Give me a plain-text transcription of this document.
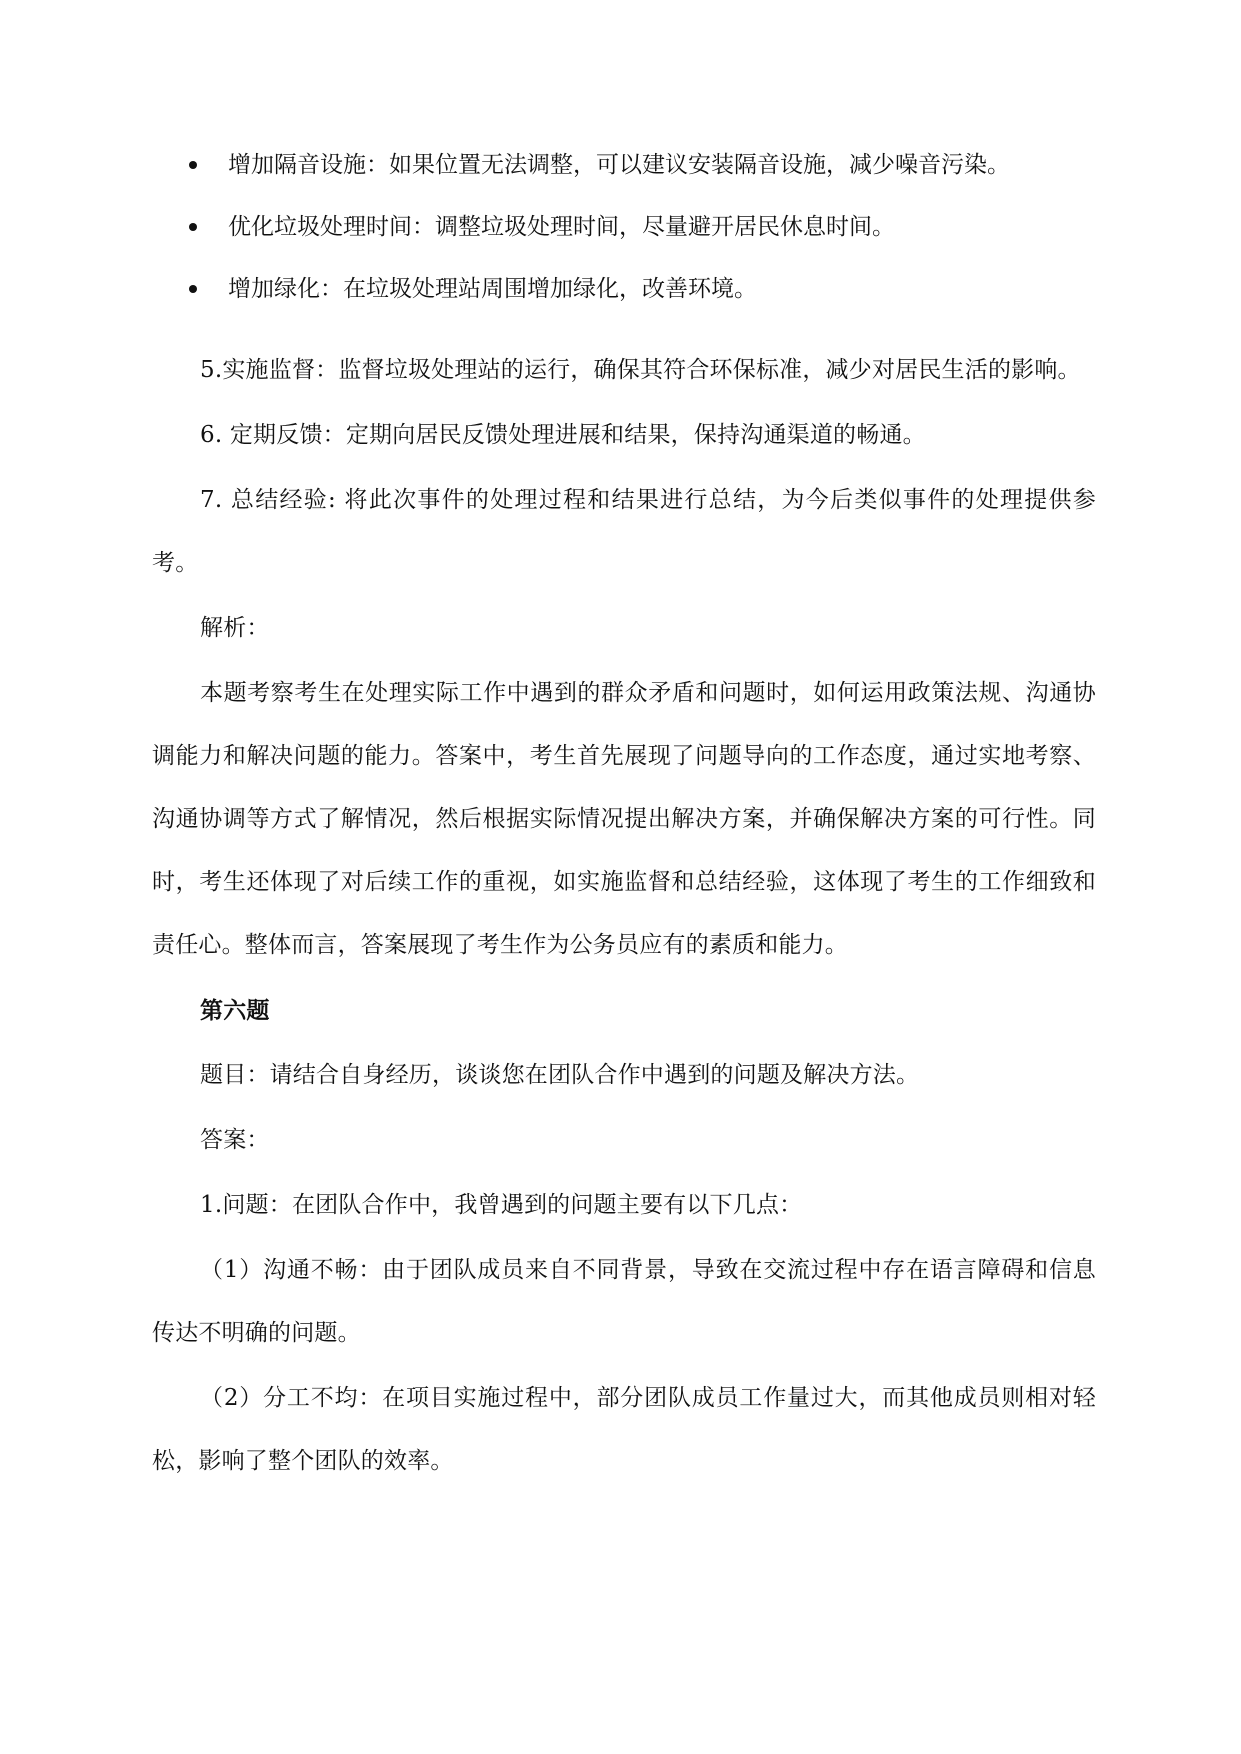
增加隔音设施：如果位置无法调整，可以建议安装隔音设施，减少噪音污染。
优化垃圾处理时间：调整垃圾处理时间，尽量避开居民休息时间。
增加绿化：在垃圾处理站周围增加绿化，改善环境。

5.实施监督：监督垃圾处理站的运行，确保其符合环保标准，减少对居民生活的影响。

6. 定期反馈：定期向居民反馈处理进展和结果，保持沟通渠道的畅通。

7. 总结经验: 将此次事件的处理过程和结果进行总结，为今后类似事件的处理提供参考。

解析：

本题考察考生在处理实际工作中遇到的群众矛盾和问题时，如何运用政策法规、沟通协调能力和解决问题的能力。答案中，考生首先展现了问题导向的工作态度，通过实地考察、沟通协调等方式了解情况，然后根据实际情况提出解决方案，并确保解决方案的可行性。同时，考生还体现了对后续工作的重视，如实施监督和总结经验，这体现了考生的工作细致和责任心。整体而言，答案展现了考生作为公务员应有的素质和能力。

第六题

题目：请结合自身经历，谈谈您在团队合作中遇到的问题及解决方法。

答案：

1.问题：在团队合作中，我曾遇到的问题主要有以下几点：

（1）沟通不畅：由于团队成员来自不同背景，导致在交流过程中存在语言障碍和信息传达不明确的问题。

（2）分工不均：在项目实施过程中，部分团队成员工作量过大，而其他成员则相对轻松，影响了整个团队的效率。
